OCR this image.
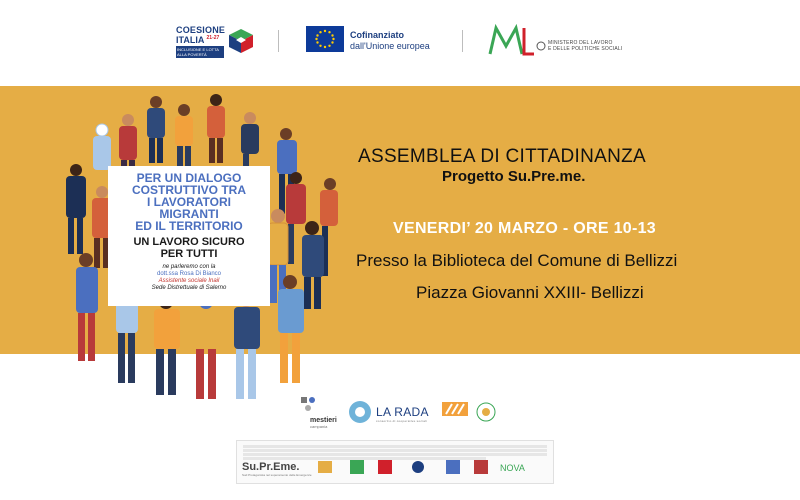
COESIONE
ITALIA $^{21-27}$
INCLUSIONE E LOTTA ALLA POVERTÀ
Cofinanziato
dall'Unione europea	MINISTERO DEL LAVORO
E DELLE POLITICHE SOCIALI
PER UN DIALOGO
COSTRUTTIVO TRA
I LAVORATORI
MIGRANTI
ED IL TERRITORIO
UN LAVORO SICURO
PER TUTTI
ne parleremo con la
dott.ssa Rosa Di Bianco
Assistente sociale Inail
Sede Distrettuale di Salerno
ASSEMBLEA DI CITTADINANZA
Progetto Su.Pre.me.
VENERDI’ 20 MARZO - ORE 10-13
Presso la Biblioteca del Comune di Bellizzi
Piazza Giovanni XXIII- Bellizzi
mestieri
campania
LA RADA
consorzio di cooperative sociali
Su.Pr.Eme.
Sud Protagonista nel superamento delle Emergenze
NOVA
